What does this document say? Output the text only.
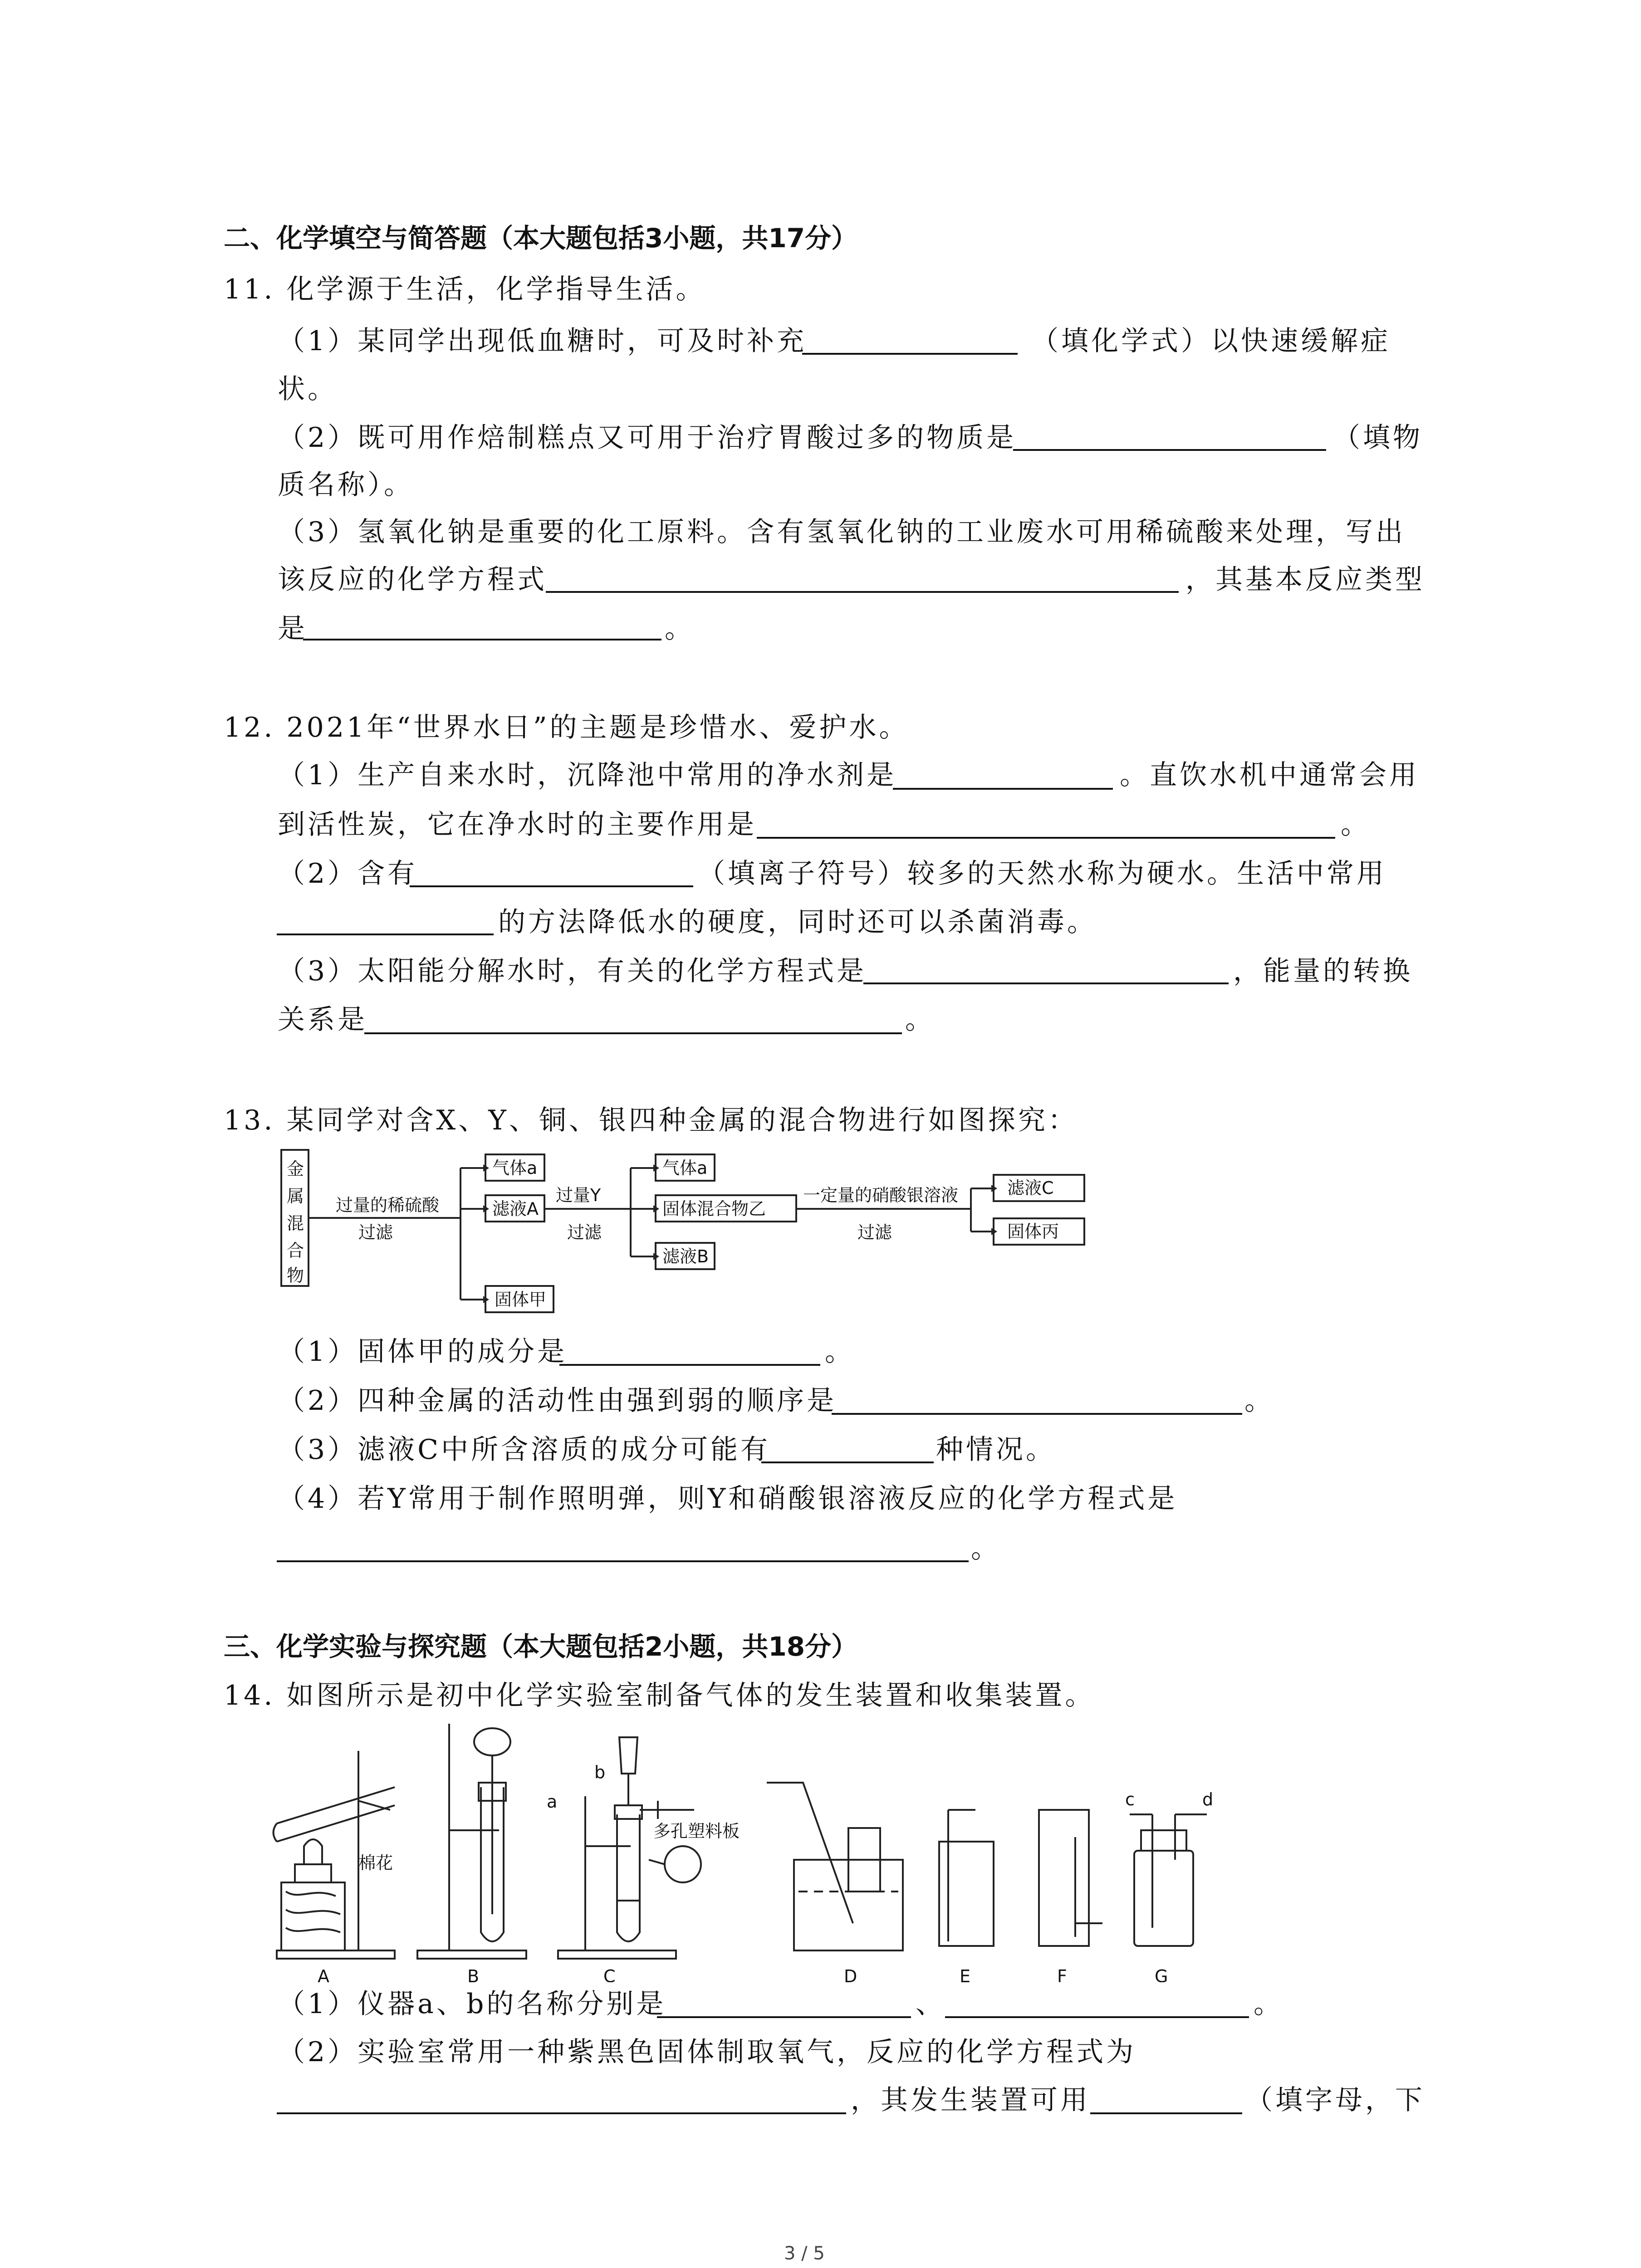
二、化学填空与简答题（本大题包括3小题，共17分）
11. 化学源于生活，化学指导生活。
（1）某同学出现低血糖时，可及时补充	（填化学式）以快速缓解症
状。
（2）既可用作焙制糕点又可用于治疗胃酸过多的物质是	（填物
质名称）。
（3）氢氧化钠是重要的化工原料。含有氢氧化钠的工业废水可用稀硫酸来处理，写出
该反应的化学方程式	，其基本反应类型
是	。
12. 2021年“世界水日”的主题是珍惜水、爱护水。
（1）生产自来水时，沉降池中常用的净水剂是	。直饮水机中通常会用
到活性炭，它在净水时的主要作用是	。
（2）含有	（填离子符号）较多的天然水称为硬水。生活中常用
的方法降低水的硬度，同时还可以杀菌消毒。
（3）太阳能分解水时，有关的化学方程式是	，能量的转换
关系是	。
13. 某同学对含X、Y、铜、银四种金属的混合物进行如图探究：
金
属
混
合
物
过量的稀硫酸
过滤
气体a
滤液A
固体甲
过量Y
过滤
气体a
固体混合物乙
滤液B
一定量的硝酸银溶液
过滤
滤液C
固体丙
（1）固体甲的成分是	。
（2）四种金属的活动性由强到弱的顺序是	。
（3）滤液C中所含溶质的成分可能有	种情况。
（4）若Y常用于制作照明弹，则Y和硝酸银溶液反应的化学方程式是
。
三、化学实验与探究题（本大题包括2小题，共18分）
14. 如图所示是初中化学实验室制备气体的发生装置和收集装置。
棉花
a
b
多孔塑料板
c	d
A	B	C	D	E	F	G
（1）仪器a、b的名称分别是	、	。
（2）实验室常用一种紫黑色固体制取氧气，反应的化学方程式为
，其发生装置可用	（填字母，下
3 / 5
